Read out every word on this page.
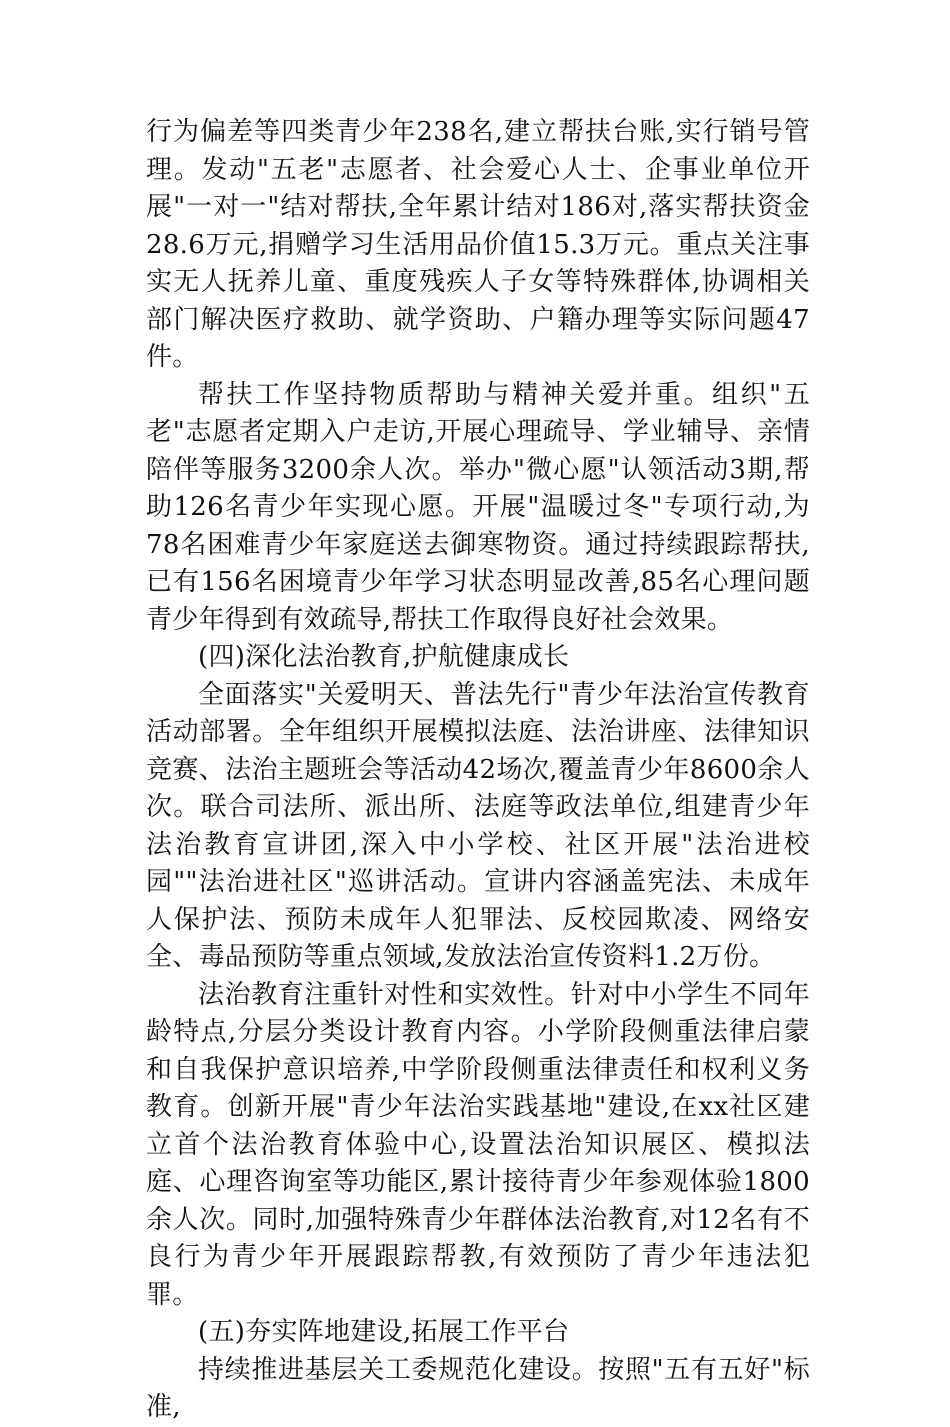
行为偏差等四类青少年238名,建立帮扶台账,实行销号管理。发动"五老"志愿者、社会爱心人士、企事业单位开展"一对一"结对帮扶,全年累计结对186对,落实帮扶资金28.6万元,捐赠学习生活用品价值15.3万元。重点关注事实无人抚养儿童、重度残疾人子女等特殊群体,协调相关部门解决医疗救助、就学资助、户籍办理等实际问题47件。

帮扶工作坚持物质帮助与精神关爱并重。组织"五老"志愿者定期入户走访,开展心理疏导、学业辅导、亲情陪伴等服务3200余人次。举办"微心愿"认领活动3期,帮助126名青少年实现心愿。开展"温暖过冬"专项行动,为78名困难青少年家庭送去御寒物资。通过持续跟踪帮扶,已有156名困境青少年学习状态明显改善,85名心理问题青少年得到有效疏导,帮扶工作取得良好社会效果。

(四)深化法治教育,护航健康成长

全面落实"关爱明天、普法先行"青少年法治宣传教育活动部署。全年组织开展模拟法庭、法治讲座、法律知识竞赛、法治主题班会等活动42场次,覆盖青少年8600余人次。联合司法所、派出所、法庭等政法单位,组建青少年法治教育宣讲团,深入中小学校、社区开展"法治进校园""法治进社区"巡讲活动。宣讲内容涵盖宪法、未成年人保护法、预防未成年人犯罪法、反校园欺凌、网络安全、毒品预防等重点领域,发放法治宣传资料1.2万份。

法治教育注重针对性和实效性。针对中小学生不同年龄特点,分层分类设计教育内容。小学阶段侧重法律启蒙和自我保护意识培养,中学阶段侧重法律责任和权利义务教育。创新开展"青少年法治实践基地"建设,在xx社区建立首个法治教育体验中心,设置法治知识展区、模拟法庭、心理咨询室等功能区,累计接待青少年参观体验1800余人次。同时,加强特殊青少年群体法治教育,对12名有不良行为青少年开展跟踪帮教,有效预防了青少年违法犯罪。

(五)夯实阵地建设,拓展工作平台

持续推进基层关工委规范化建设。按照"五有五好"标准,
